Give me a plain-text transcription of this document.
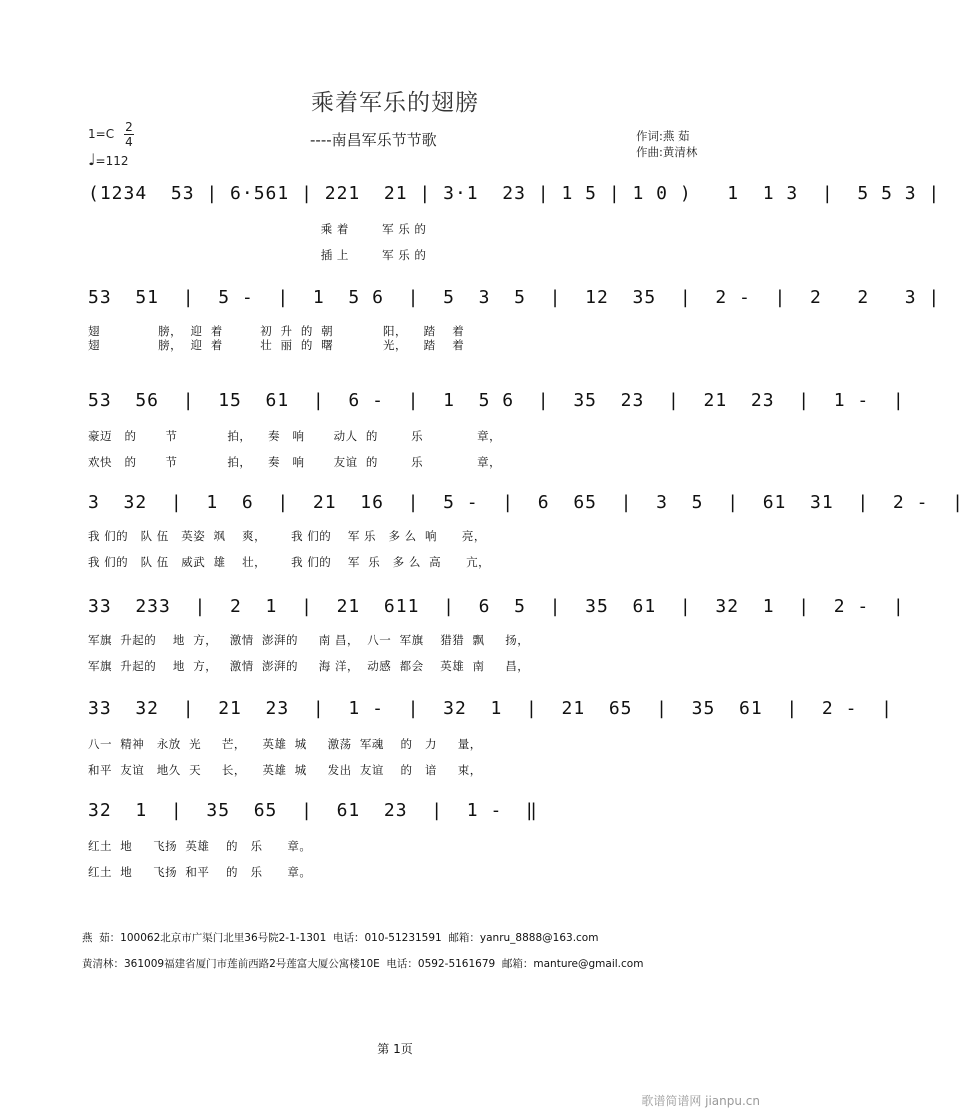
乘着军乐的翅膀
----南昌军乐节节歌	作词:燕 茹
作曲:黄清林
1=C 2
4
♩=112
(1234  53 | 6·561 | 221  21 | 3·1  23 | 1 5 | 1 0 )   1  1 3  |  5 5 3 |
乘 着        军 乐 的
插 上        军 乐 的
53  51  |  5 -  |  1  5 6  |  5  3  5  |  12  35  |  2 -  |  2   2   3 |
翅              膀，  迎  着         初  升  的  朝            阳，    踏    着
翅              膀，  迎  着         壮  丽  的  曙            光，    踏    着
53  56  |  15  61  |  6 -  |  1  5 6  |  35  23  |  21  23  |  1 -  |
豪迈   的       节            拍，    奏   响       动人  的        乐             章，
欢快   的       节            拍，    奏   响       友谊  的        乐             章，
3  32  |  1  6  |  21  16  |  5 -  |  6  65  |  3  5  |  61  31  |  2 -  |
我 们的   队 伍   英姿  飒    爽，      我 们的    军 乐   多 么  响      亮，
我 们的   队 伍   威武  雄    壮，      我 们的    军  乐   多 么  高      亢，
33  233  |  2  1  |  21  611  |  6  5  |  35  61  |  32  1  |  2 -  |
军旗  升起的    地  方，   激情  澎湃的     南 昌，  八一  军旗    猎猎  飘     扬，
军旗  升起的    地  方，   激情  澎湃的     海 洋，  动感  都会    英雄  南     昌，
33  32  |  21  23  |  1 -  |  32  1  |  21  65  |  35  61  |  2 -  |
八一  精神   永放  光     芒，    英雄  城     激荡  军魂    的   力     量，
和平  友谊   地久  天     长，    英雄  城     发出  友谊    的   谙     束，
32  1  |  35  65  |  61  23  |  1 -  ‖
红土  地     飞扬  英雄    的   乐      章。
红土  地     飞扬  和平    的   乐      章。
燕  茹：100062北京市广渠门北里36号院2-1-1301  电话：010-51231591  邮箱：yanru_8888@163.com
黄清林：361009福建省厦门市莲前西路2号莲富大厦公寓楼10E  电话：0592-5161679  邮箱：manture@gmail.com
第 1页
歌谱简谱网 jianpu.cn
